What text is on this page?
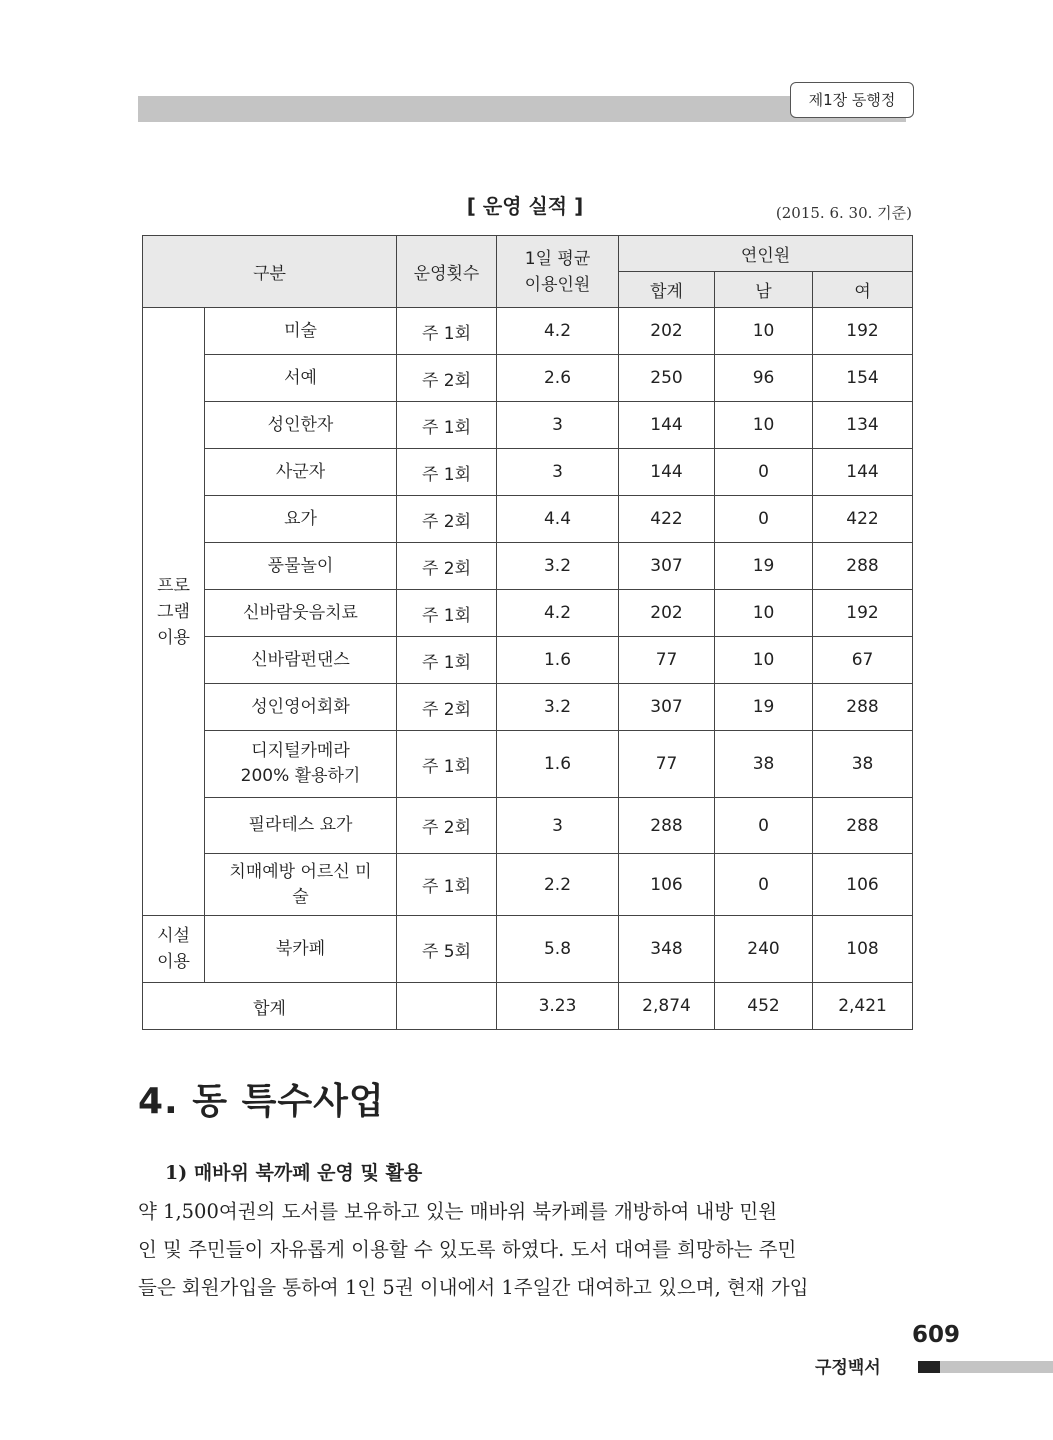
제1장 동행정
[ 운영 실적 ]	(2015. 6. 30. 기준)
구분		운영횟수	1일 평균
이용인원	연인원		
				합계	남	여
프로
그램
이용	미술	주 1회	4.2	202	10	192
	서예	주 2회	2.6	250	96	154
	성인한자	주 1회	3	144	10	134
	사군자	주 1회	3	144	0	144
	요가	주 2회	4.4	422	0	422
	풍물놀이	주 2회	3.2	307	19	288
	신바람웃음치료	주 1회	4.2	202	10	192
	신바람펀댄스	주 1회	1.6	77	10	67
	성인영어회화	주 2회	3.2	307	19	288
	디지털카메라
200% 활용하기	주 1회	1.6	77	38	38
	필라테스 요가	주 2회	3	288	0	288
	치매예방 어르신 미
술	주 1회	2.2	106	0	106
시설
이용	북카페	주 5회	5.8	348	240	108
합계			3.23	2,874	452	2,421
4. 동 특수사업
1) 매바위 북까페 운영 및 활용
약 1,500여권의 도서를 보유하고 있는 매바위 북카페를 개방하여 내방 민원
인 및 주민들이 자유롭게 이용할 수 있도록 하였다. 도서 대여를 희망하는 주민
들은 회원가입을 통하여 1인 5권 이내에서 1주일간 대여하고 있으며, 현재 가입
609
구정백서
